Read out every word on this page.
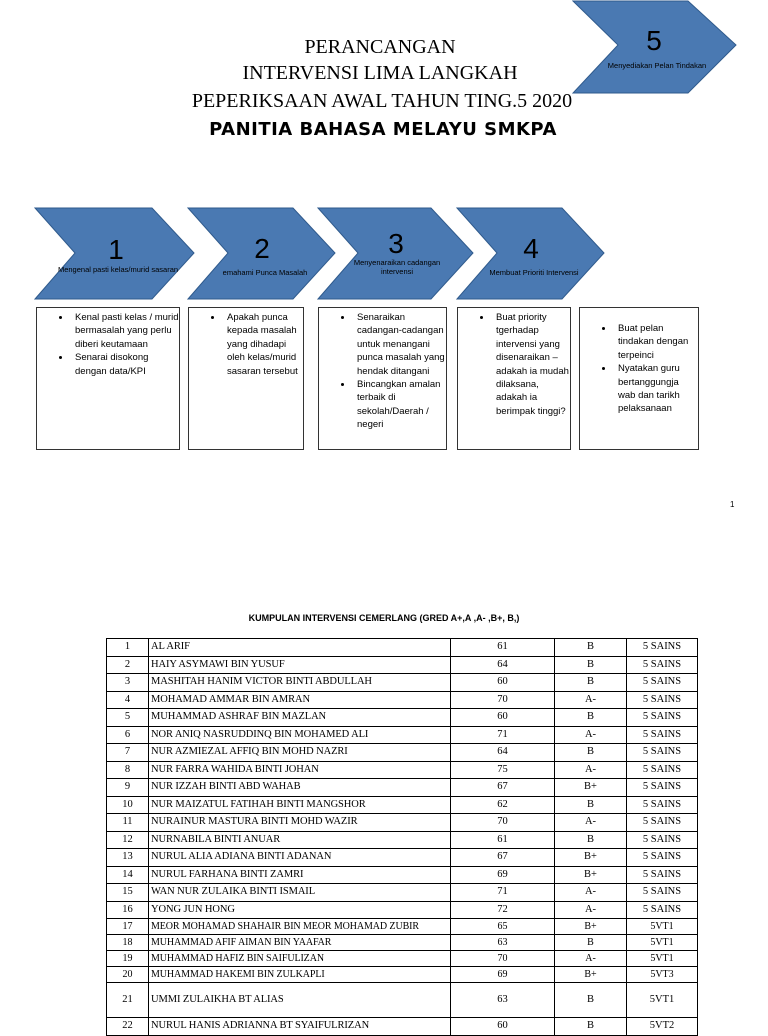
PERANCANGAN
INTERVENSI LIMA LANGKAH
PEPERIKSAAN AWAL TAHUN TING.5 2020
PANITIA BAHASA MELAYU SMKPA
5
Menyediakan Pelan Tindakan
1
Mengenal pasti kelas/murid sasaran
2
emahami Punca Masalah
3
Menyenaraikan cadangan
intervensi
4
Membuat Prioriti Intervensi
• Kenal pasti kelas / murid bermasalah yang perlu diberi keutamaan
• Senarai disokong dengan data/KPI
• Apakah punca kepada masalah yang dihadapi oleh kelas/murid sasaran tersebut
• Senaraikan cadangan-cadangan untuk menangani punca masalah yang hendak ditangani
• Bincangkan amalan terbaik di sekolah/Daerah / negeri
• Buat priority tgerhadap intervensi yang disenaraikan – adakah ia mudah dilaksana, adakah ia berimpak tinggi?
• Buat pelan tindakan dengan terpeinci
• Nyatakan guru bertanggungja wab dan tarikh pelaksanaan
1
KUMPULAN INTERVENSI CEMERLANG (GRED A+,A ,A- ,B+, B,)
1	AL ARIF	61	B	5 SAINS
2	HAIY ASYMAWI BIN YUSUF	64	B	5 SAINS
3	MASHITAH HANIM VICTOR BINTI ABDULLAH	60	B	5 SAINS
4	MOHAMAD AMMAR BIN AMRAN	70	A-	5 SAINS
5	MUHAMMAD ASHRAF BIN MAZLAN	60	B	5 SAINS
6	NOR ANIQ NASRUDDINQ BIN MOHAMED ALI	71	A-	5 SAINS
7	NUR AZMIEZAL AFFIQ BIN MOHD NAZRI	64	B	5 SAINS
8	NUR FARRA WAHIDA BINTI JOHAN	75	A-	5 SAINS
9	NUR IZZAH BINTI ABD WAHAB	67	B+	5 SAINS
10	NUR MAIZATUL FATIHAH BINTI MANGSHOR	62	B	5 SAINS
11	NURAINUR MASTURA BINTI MOHD WAZIR	70	A-	5 SAINS
12	NURNABILA BINTI ANUAR	61	B	5 SAINS
13	NURUL ALIA ADIANA BINTI ADANAN	67	B+	5 SAINS
14	NURUL FARHANA BINTI ZAMRI	69	B+	5 SAINS
15	WAN NUR ZULAIKA BINTI ISMAIL	71	A-	5 SAINS
16	YONG JUN HONG	72	A-	5 SAINS
17	MEOR MOHAMAD SHAHAIR BIN MEOR MOHAMAD ZUBIR	65	B+	5VT1
18	MUHAMMAD AFIF AIMAN BIN YAAFAR	63	B	5VT1
19	MUHAMMAD HAFIZ BIN SAIFULIZAN	70	A-	5VT1
20	MUHAMMAD HAKEMI BIN ZULKAPLI	69	B+	5VT3
21	UMMI ZULAIKHA BT ALIAS	63	B	5VT1
22	NURUL HANIS ADRIANNA BT SYAIFULRIZAN	60	B	5VT2
